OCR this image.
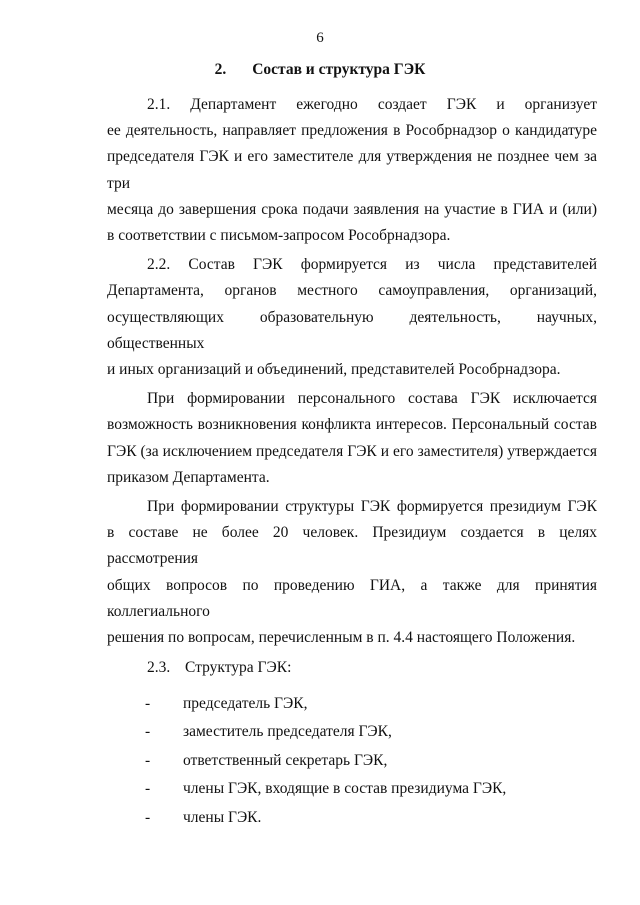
6
2. Состав и структура ГЭК
2.1. Департамент ежегодно создает ГЭК и организует
ее деятельность, направляет предложения в Рособрнадзор о кандидатуре
председателя ГЭК и его заместителе для утверждения не позднее чем за три
месяца до завершения срока подачи заявления на участие в ГИА и (или)
в соответствии с письмом-запросом Рособрнадзора.
2.2. Состав ГЭК формируется из числа представителей
Департамента, органов местного самоуправления, организаций,
осуществляющих образовательную деятельность, научных, общественных
и иных организаций и объединений, представителей Рособрнадзора.
При формировании персонального состава ГЭК исключается
возможность возникновения конфликта интересов. Персональный состав
ГЭК (за исключением председателя ГЭК и его заместителя) утверждается
приказом Департамента.
При формировании структуры ГЭК формируется президиум ГЭК
в составе не более 20 человек. Президиум создается в целях рассмотрения
общих вопросов по проведению ГИА, а также для принятия коллегиального
решения по вопросам, перечисленным в п. 4.4 настоящего Положения.
2.3. Структура ГЭК:
-	председатель ГЭК,
-	заместитель председателя ГЭК,
-	ответственный секретарь ГЭК,
-	члены ГЭК, входящие в состав президиума ГЭК,
-	члены ГЭК.
